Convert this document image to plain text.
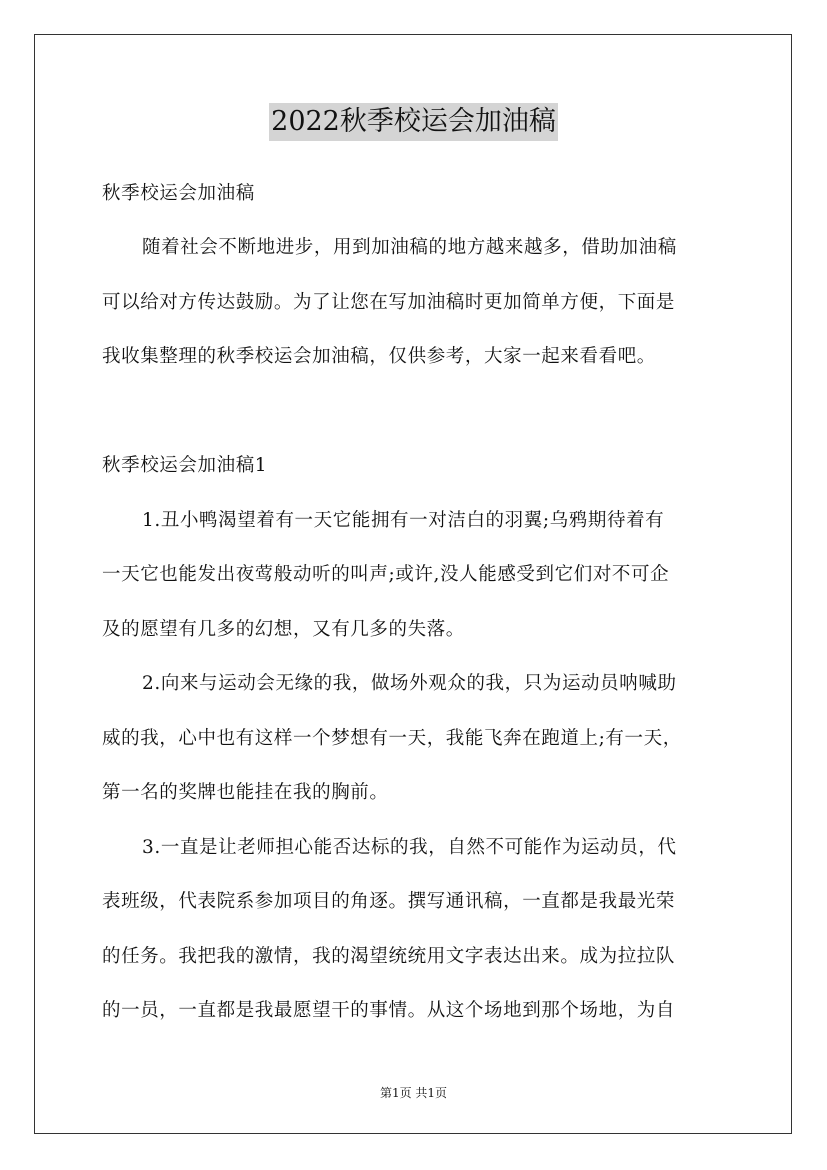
2022秋季校运会加油稿
秋季校运会加油稿
随着社会不断地进步，用到加油稿的地方越来越多，借助加油稿
可以给对方传达鼓励。为了让您在写加油稿时更加简单方便，下面是
我收集整理的秋季校运会加油稿，仅供参考，大家一起来看看吧。
秋季校运会加油稿1
1.丑小鸭渴望着有一天它能拥有一对洁白的羽翼;乌鸦期待着有
一天它也能发出夜莺般动听的叫声;或许,没人能感受到它们对不可企
及的愿望有几多的幻想，又有几多的失落。
2.向来与运动会无缘的我，做场外观众的我，只为运动员呐喊助
威的我，心中也有这样一个梦想有一天，我能飞奔在跑道上;有一天，
第一名的奖牌也能挂在我的胸前。
3.一直是让老师担心能否达标的我，自然不可能作为运动员，代
表班级，代表院系参加项目的角逐。撰写通讯稿，一直都是我最光荣
的任务。我把我的激情，我的渴望统统用文字表达出来。成为拉拉队
的一员，一直都是我最愿望干的事情。从这个场地到那个场地，为自
第1页 共1页
